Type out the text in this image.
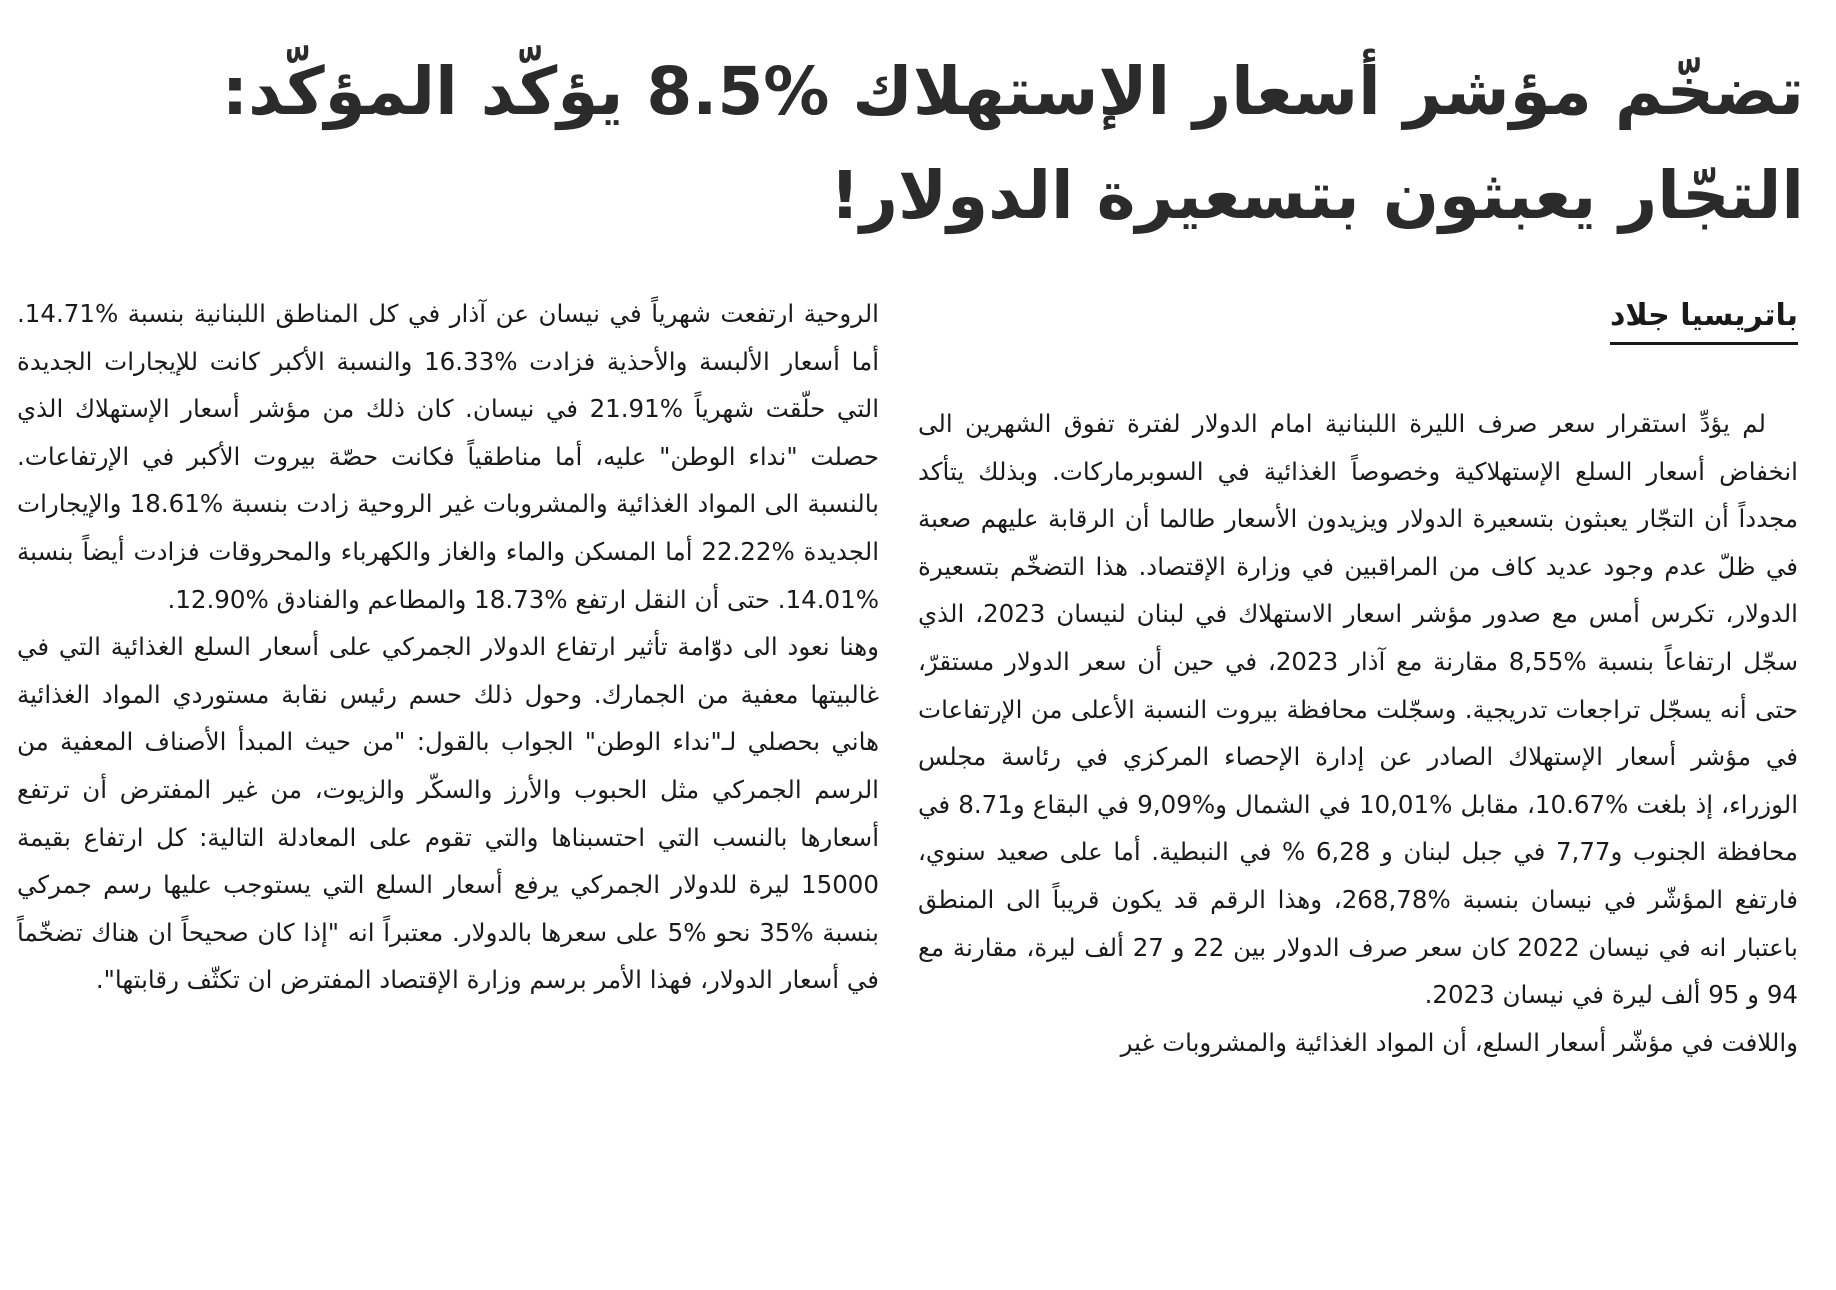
تضخّم مؤشر أسعار الإستهلاك %8.5 يؤكّد المؤكّد:
التجّار يعبثون بتسعيرة الدولار!
باتريسيا جلاد

لم يؤدِّ استقرار سعر صرف الليرة اللبنانية امام الدولار لفترة تفوق الشهرين الى انخفاض أسعار السلع الإستهلاكية وخصوصاً الغذائية في السوبرماركات. وبذلك يتأكد مجدداً أن التجّار يعبثون بتسعيرة الدولار ويزيدون الأسعار طالما أن الرقابة عليهم صعبة في ظلّ عدم وجود عديد كاف من المراقبين في وزارة الإقتصاد. هذا التضخّم بتسعيرة الدولار، تكرس أمس مع صدور مؤشر اسعار الاستهلاك في لبنان لنيسان 2023، الذي سجّل ارتفاعاً بنسبة %8,55 مقارنة مع آذار 2023، في حين أن سعر الدولار مستقرّ، حتى أنه يسجّل تراجعات تدريجية. وسجّلت محافظة بيروت النسبة الأعلى من الإرتفاعات في مؤشر أسعار الإستهلاك الصادر عن إدارة الإحصاء المركزي في رئاسة مجلس الوزراء، إذ بلغت %10.67، مقابل %10,01 في الشمال و%9,09 في البقاع و8.71 في محافظة الجنوب و7,77 في جبل لبنان و 6,28 % في النبطية. أما على صعيد سنوي، فارتفع المؤشّر في نيسان بنسبة %268,78، وهذا الرقم قد يكون قريباً الى المنطق باعتبار انه في نيسان 2022 كان سعر صرف الدولار بين 22 و 27 ألف ليرة، مقارنة مع 94 و 95 ألف ليرة في نيسان 2023.

واللافت في مؤشّر أسعار السلع، أن المواد الغذائية والمشروبات غير

الروحية ارتفعت شهرياً في نيسان عن آذار في كل المناطق اللبنانية بنسبة %14.71. أما أسعار الألبسة والأحذية فزادت %16.33 والنسبة الأكبر كانت للإيجارات الجديدة التي حلّقت شهرياً %21.91 في نيسان. كان ذلك من مؤشر أسعار الإستهلاك الذي حصلت "نداء الوطن" عليه، أما مناطقياً فكانت حصّة بيروت الأكبر في الإرتفاعات. بالنسبة الى المواد الغذائية والمشروبات غير الروحية زادت بنسبة %18.61 والإيجارات الجديدة %22.22 أما المسكن والماء والغاز والكهرباء والمحروقات فزادت أيضاً بنسبة %14.01. حتى أن النقل ارتفع %18.73 والمطاعم والفنادق %12.90.

وهنا نعود الى دوّامة تأثير ارتفاع الدولار الجمركي على أسعار السلع الغذائية التي في غالبيتها معفية من الجمارك. وحول ذلك حسم رئيس نقابة مستوردي المواد الغذائية هاني بحصلي لـ"نداء الوطن" الجواب بالقول: "من حيث المبدأ الأصناف المعفية من الرسم الجمركي مثل الحبوب والأرز والسكّر والزيوت، من غير المفترض أن ترتفع أسعارها بالنسب التي احتسبناها والتي تقوم على المعادلة التالية: كل ارتفاع بقيمة 15000 ليرة للدولار الجمركي يرفع أسعار السلع التي يستوجب عليها رسم جمركي بنسبة %35 نحو %5 على سعرها بالدولار. معتبراً انه "إذا كان صحيحاً ان هناك تضخّماً في أسعار الدولار، فهذا الأمر برسم وزارة الإقتصاد المفترض ان تكثّف رقابتها".
